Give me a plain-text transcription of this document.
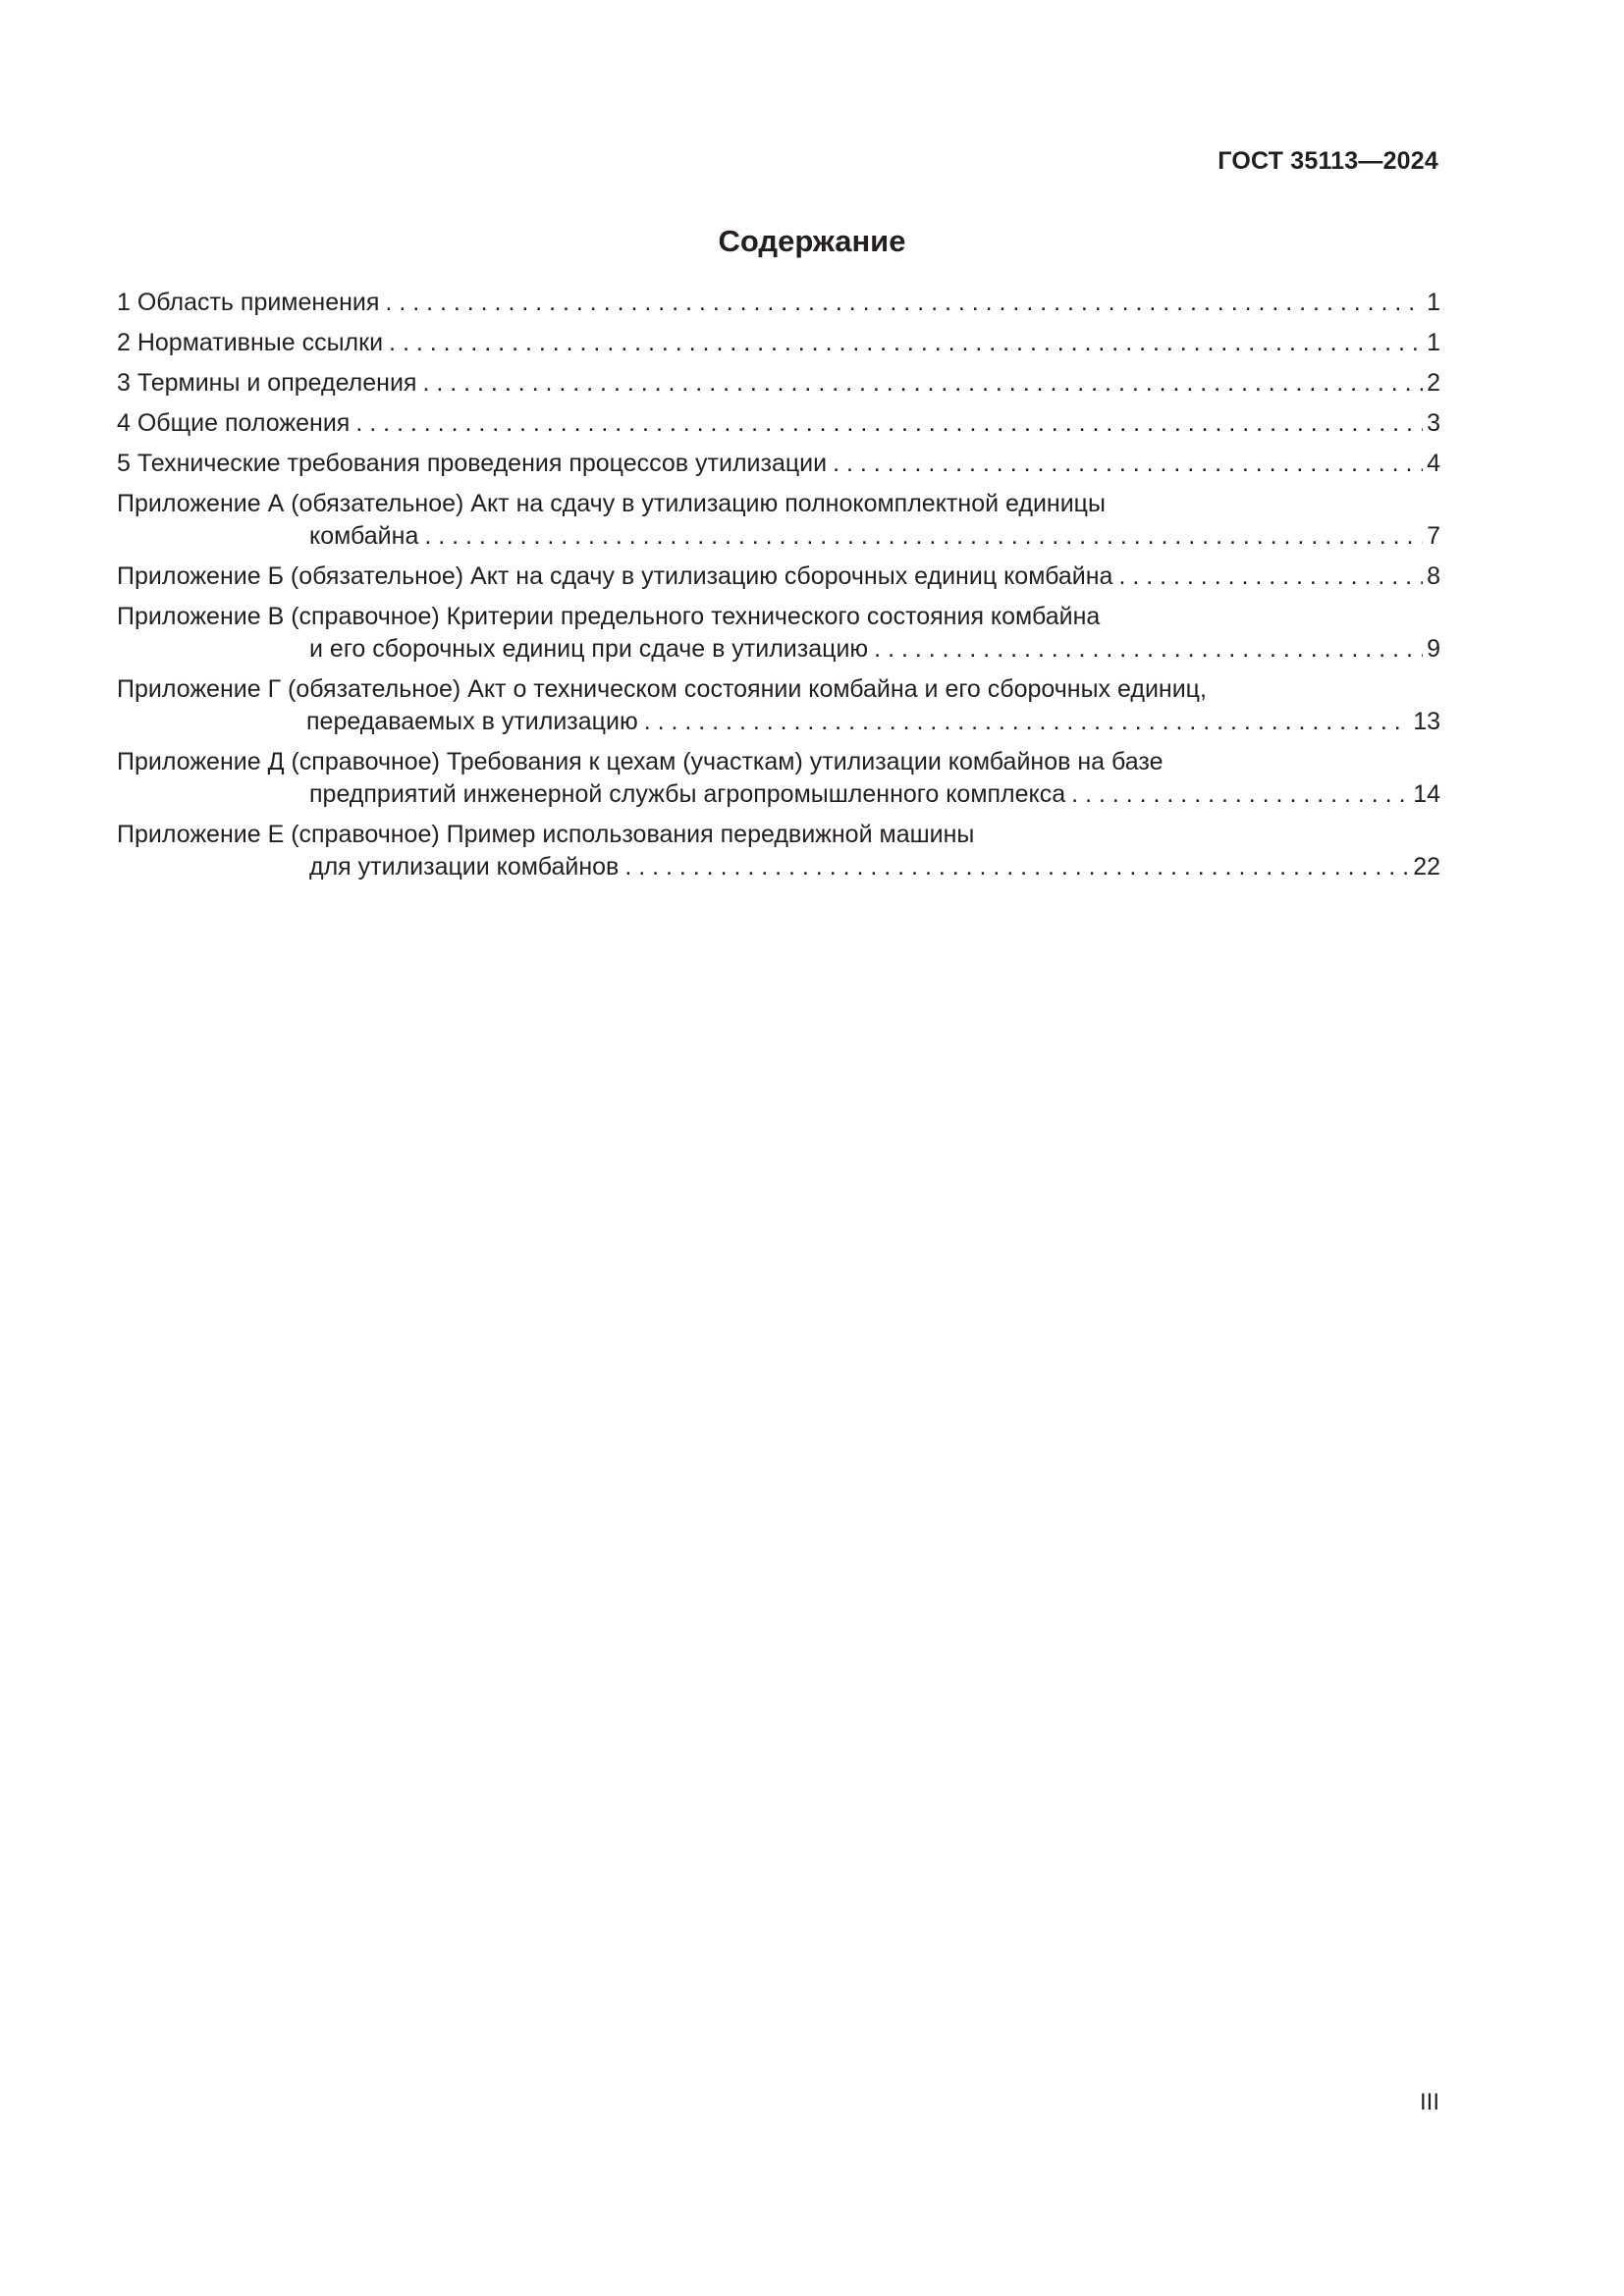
ГОСТ 35113—2024
Содержание
1 Область применения . . .	1
2 Нормативные ссылки . . .	1
3 Термины и определения . . .	2
4 Общие положения . . .	3
5 Технические требования проведения процессов утилизации . . .	4
Приложение А (обязательное) Акт на сдачу в утилизацию полнокомплектной единицы
комбайна . . .	7
Приложение Б (обязательное) Акт на сдачу в утилизацию сборочных единиц комбайна . . .	8
Приложение В (справочное) Критерии предельного технического состояния комбайна
и его сборочных единиц при сдаче в утилизацию . . .	9
Приложение Г (обязательное) Акт о техническом состоянии комбайна и его сборочных единиц,
передаваемых в утилизацию . . .	13
Приложение Д (справочное) Требования к цехам (участкам) утилизации комбайнов на базе
предприятий инженерной службы агропромышленного комплекса . . .	14
Приложение Е (справочное) Пример использования передвижной машины
для утилизации комбайнов . . .	22
III
